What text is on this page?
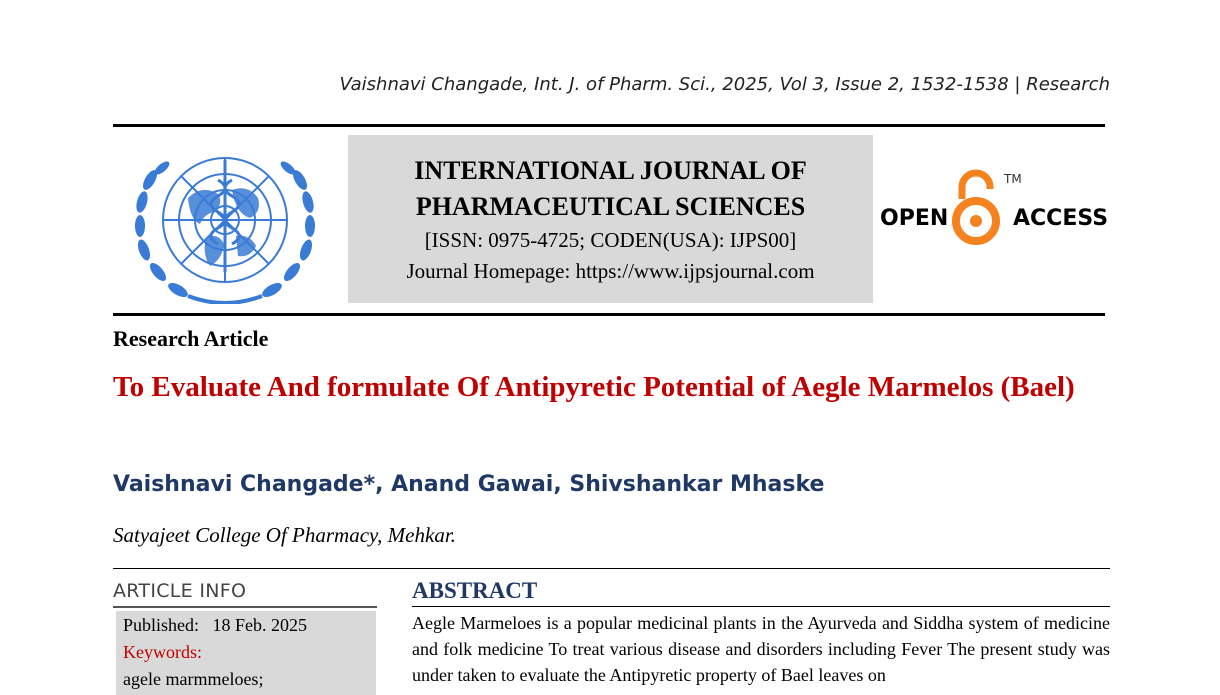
Vaishnavi Changade, Int. J. of Pharm. Sci., 2025, Vol 3, Issue 2, 1532-1538 | Research
INTERNATIONAL JOURNAL OF
PHARMACEUTICAL SCIENCES
[ISSN: 0975-4725; CODEN(USA): IJPS00]
Journal Homepage: https://www.ijpsjournal.com
OPEN	ACCESS
TM
Research Article
To Evaluate And formulate Of Antipyretic Potential of Aegle Marmelos (Bael)
Vaishnavi Changade*, Anand Gawai, Shivshankar Mhaske
Satyajeet College Of Pharmacy, Mehkar.
ARTICLE INFO
Published: 18 Feb. 2025
Keywords:
agele marmmeloes;
ABSTRACT
Aegle Marmeloes is a popular medicinal plants in the Ayurveda and Siddha system of medicine and folk medicine To treat various disease and disorders including Fever The present study was under taken to evaluate the Antipyretic property of Bael leaves on
